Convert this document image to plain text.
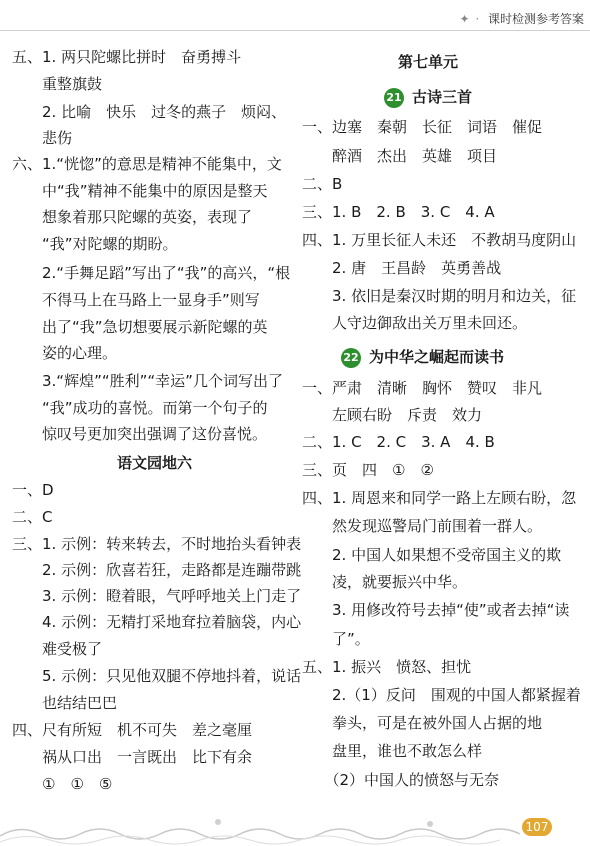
✦ · 课时检测参考答案
五、1. 两只陀螺比拼时　奋勇搏斗
　　重整旗鼓
　　2. 比喻　快乐　过冬的燕子　烦闷、
　　悲伤
六、1.“恍惚”的意思是精神不能集中，文
　　中“我”精神不能集中的原因是整天
　　想象着那只陀螺的英姿，表现了
　　“我”对陀螺的期盼。
　　2.“手舞足蹈”写出了“我”的高兴，“根
　　不得马上在马路上一显身手”则写
　　出了“我”急切想要展示新陀螺的英
　　姿的心理。
　　3.“辉煌”“胜利”“幸运”几个词写出了
　　“我”成功的喜悦。而第一个句子的
　　惊叹号更加突出强调了这份喜悦。
语文园地六
一、D
二、C
三、1. 示例：转来转去，不时地抬头看钟表
　　2. 示例：欣喜若狂，走路都是连蹦带跳
　　3. 示例：瞪着眼，气呼呼地关上门走了
　　4. 示例：无精打采地耷拉着脑袋，内心
　　难受极了
　　5. 示例：只见他双腿不停地抖着，说话
　　也结结巴巴
四、尺有所短　机不可失　差之毫厘
　　祸从口出　一言既出　比下有余
　　①　①　⑤
第七单元
21 古诗三首
一、边塞　秦朝　长征　词语　催促
　　醉酒　杰出　英雄　项目
二、B
三、1. B　2. B　3. C　4. A
四、1. 万里长征人未还　不教胡马度阴山
　　2. 唐　王昌龄　英勇善战
　　3. 依旧是秦汉时期的明月和边关，征
　　人守边御敌出关万里未回还。
22 为中华之崛起而读书
一、严肃　清晰　胸怀　赞叹　非凡
　　左顾右盼　斥责　效力
二、1. C　2. C　3. A　4. B
三、页　四　①　②
四、1. 周恩来和同学一路上左顾右盼，忽
　　然发现巡警局门前围着一群人。
　　2. 中国人如果想不受帝国主义的欺
　　凌，就要振兴中华。
　　3. 用修改符号去掉“使”或者去掉“读
　　了”。
五、1. 振兴　愤怒、担忧
　　2.（1）反问　围观的中国人都紧握着
　　拳头，可是在被外国人占据的地
　　盘里，谁也不敢怎么样
　　（2）中国人的愤怒与无奈
107
